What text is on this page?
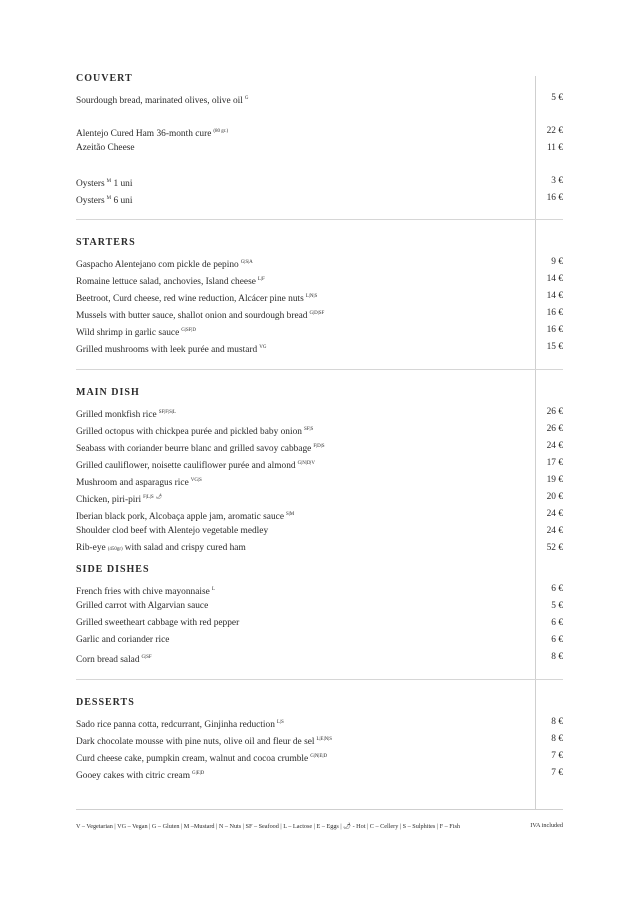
COUVERT
Sourdough bread, marinated olives, olive oil $^G$	5 €
Alentejo Cured Ham 36-month cure $^{(80 gr.)}$	22 €
Azeitão Cheese	11 €
Oysters $^M$ 1 uni	3 €
Oysters $^M$ 6 uni	16 €
STARTERS
Gaspacho Alentejano com pickle de pepino $^{G|S|A}$	9 €
Romaine lettuce salad, anchovies, Island cheese $^{L|F}$	14 €
Beetroot, Curd cheese, red wine reduction, Alcácer pine nuts $^{L|N|S}$	14 €
Mussels with butter sauce, shallot onion and sourdough bread $^{G|D|SF}$	16 €
Wild shrimp in garlic sauce $^{G|SF|D}$	16 €
Grilled mushrooms with leek purée and mustard $^{VG}$	15 €
MAIN DISH
Grilled monkfish rice $^{SF|F|S|L}$	26 €
Grilled octopus with chickpea purée and pickled baby onion $^{SF|S}$	26 €
Seabass with coriander beurre blanc and grilled savoy cabbage $^{F|D|S}$	24 €
Grilled cauliflower, noisette cauliflower purée and almond $^{G|N|D|V}$	17 €
Mushroom and asparagus rice $^{VG|S}$	19 €
Chicken, piri-piri $^{F|L|S}$ 🌶	20 €
Iberian black pork, Alcobaça apple jam, aromatic sauce $^{S|M}$	24 €
Shoulder clod beef with Alentejo vegetable medley	24 €
Rib-eye (450gr) with salad and crispy cured ham	52 €
SIDE DISHES
French fries with chive mayonnaise $^L$	6 €
Grilled carrot with Algarvian sauce	5 €
Grilled sweetheart cabbage with red pepper	6 €
Garlic and coriander rice	6 €
Corn bread salad $^{G|SF}$	8 €
DESSERTS
Sado rice panna cotta, redcurrant, Ginjinha reduction $^{L|S}$	8 €
Dark chocolate mousse with pine nuts, olive oil and fleur de sel $^{L|E|N|S}$	8 €
Curd cheese cake, pumpkin cream, walnut and cocoa crumble $^{G|N|E|D}$	7 €
Gooey cakes with citric cream $^{G|E|D}$	7 €
V – Vegetarian | VG – Vegan | G – Gluten | M –Mustard | N – Nuts | SF – Seafood | L – Lactose | E – Eggs | 🌶 - Hot | C – Cellery | S – Sulphites | F – Fish	IVA included
